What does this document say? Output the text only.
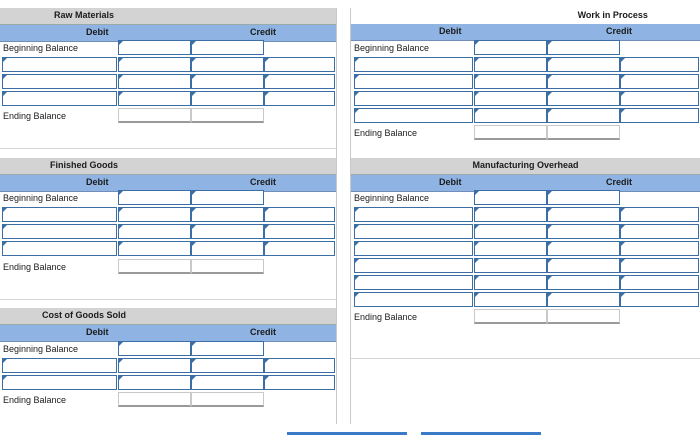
Raw Materials
Debit	Credit
Beginning Balance
Ending Balance
Finished Goods
Debit	Credit
Beginning Balance
Ending Balance
Cost of Goods Sold
Debit	Credit
Beginning Balance
Ending Balance
Work in Process
Debit	Credit
Beginning Balance
Ending Balance
Manufacturing Overhead
Debit	Credit
Beginning Balance
Ending Balance
